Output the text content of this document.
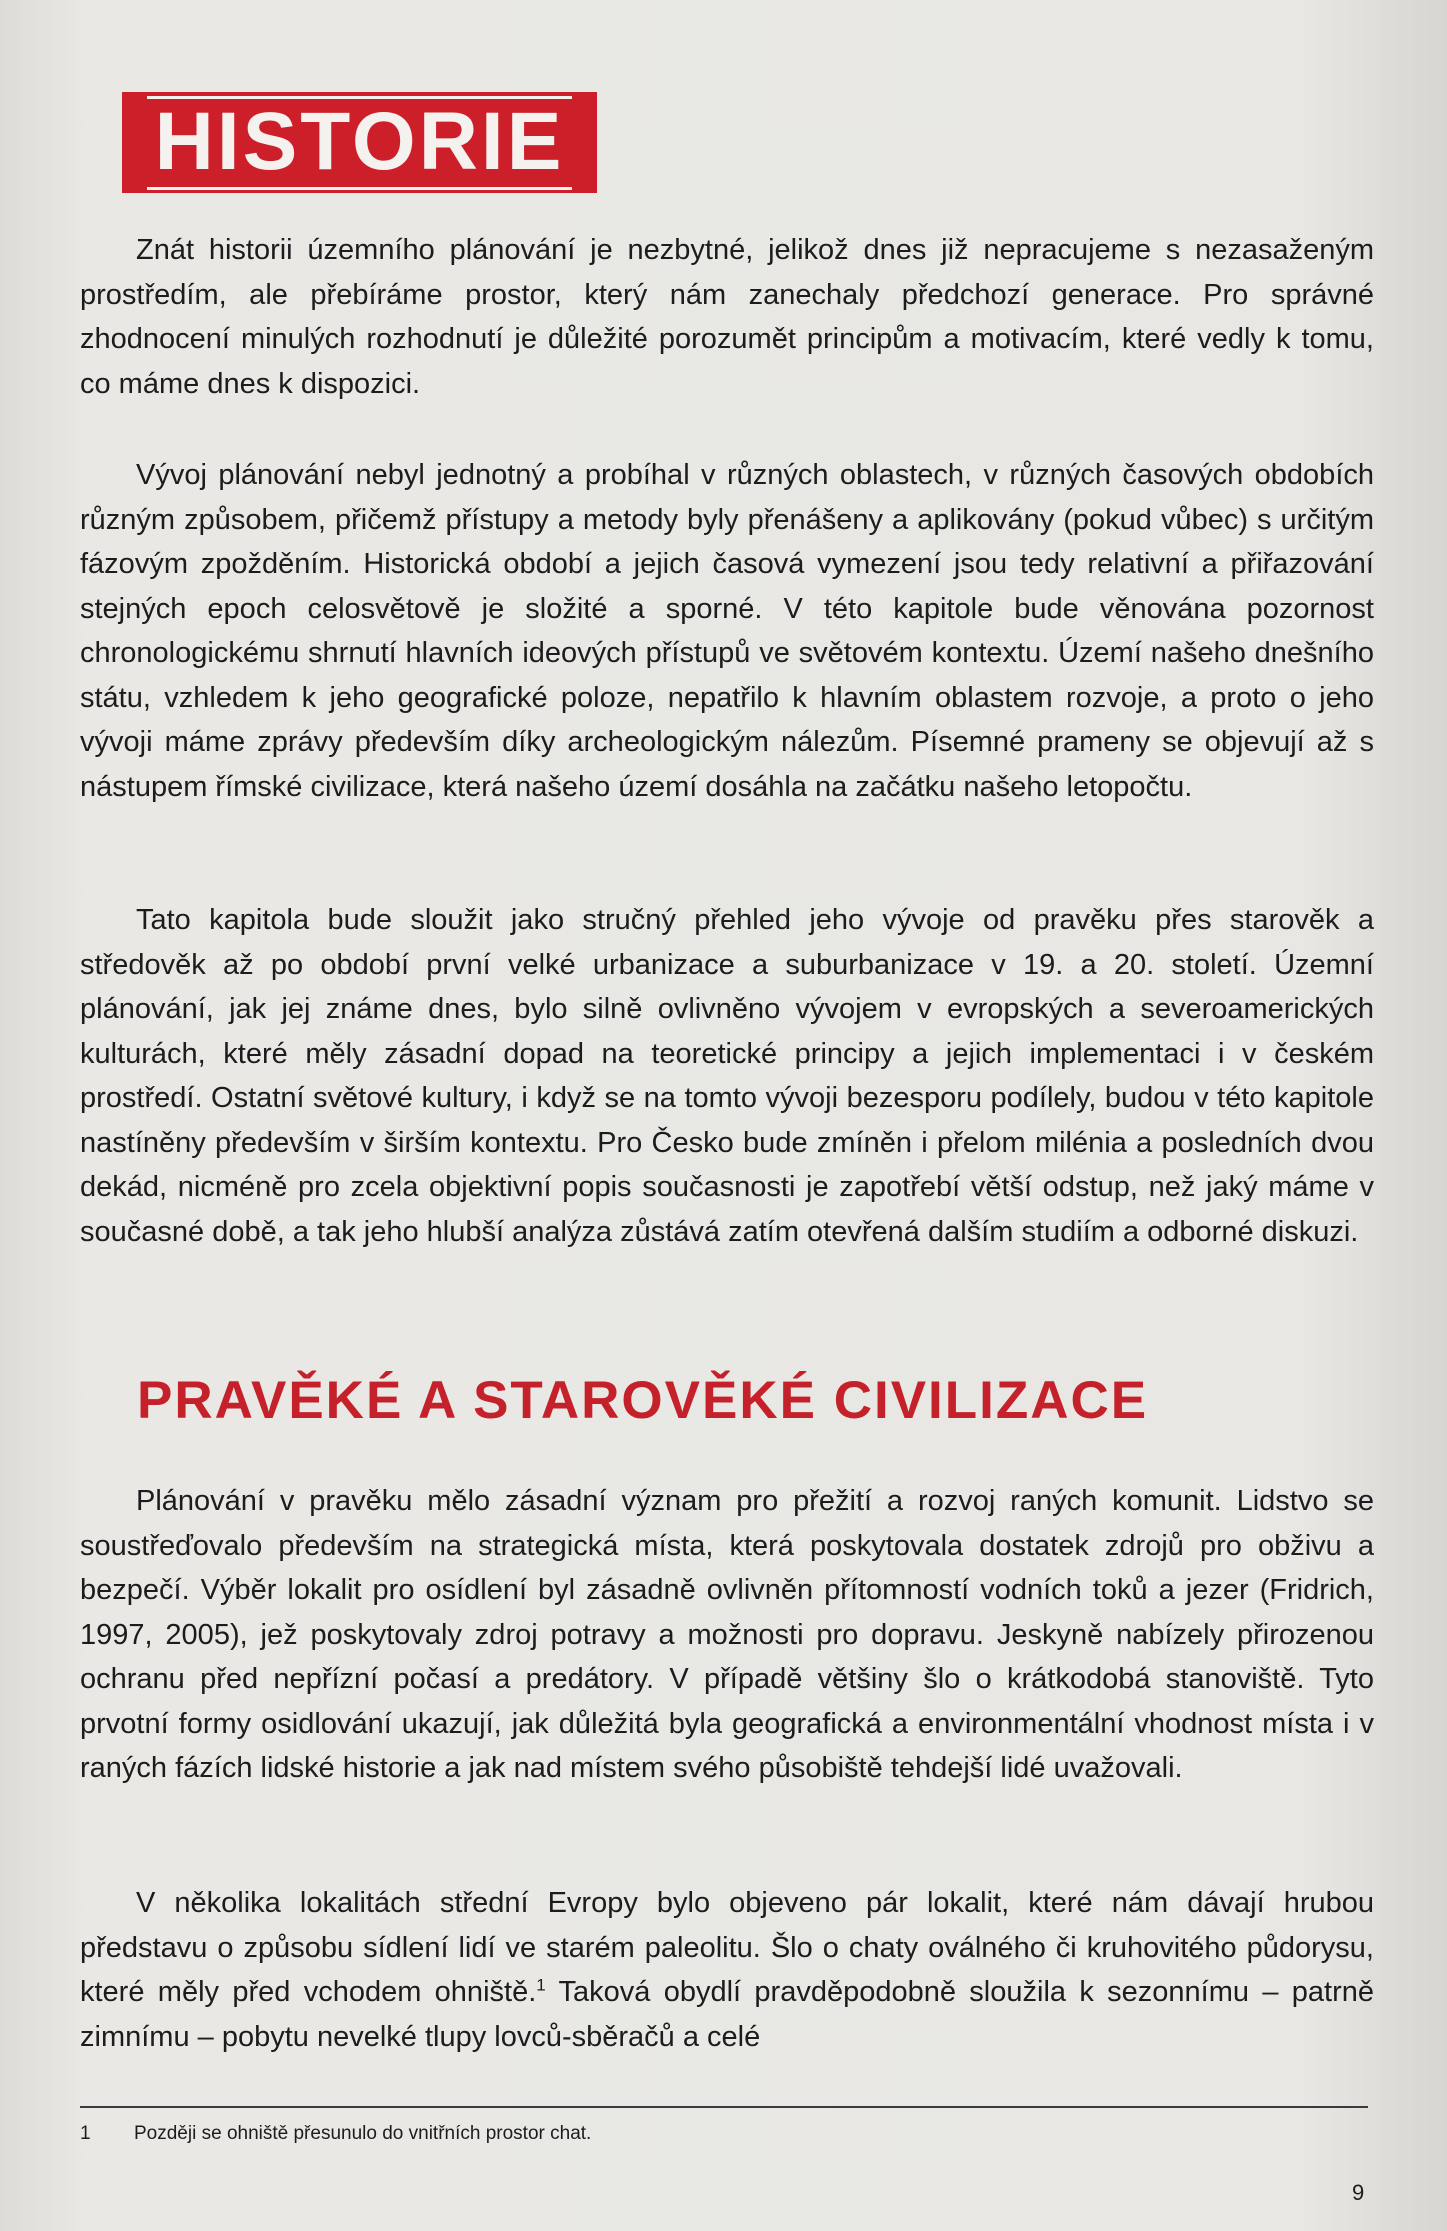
HISTORIE

Znát historii územního plánování je nezbytné, jelikož dnes již nepracujeme s nezasaženým prostředím, ale přebíráme prostor, který nám zanechaly předchozí generace. Pro správné zhodnocení minulých rozhodnutí je důležité porozumět principům a motivacím, které vedly k tomu, co máme dnes k dispozici.

Vývoj plánování nebyl jednotný a probíhal v různých oblastech, v různých časových obdobích různým způsobem, přičemž přístupy a metody byly přenášeny a aplikovány (pokud vůbec) s určitým fázovým zpožděním. Historická období a jejich časová vymezení jsou tedy relativní a přiřazování stejných epoch celosvětově je složité a sporné. V této kapitole bude věnována pozornost chronologickému shrnutí hlavních ideových přístupů ve světovém kontextu. Území našeho dnešního státu, vzhledem k jeho geografické poloze, nepatřilo k hlavním oblastem rozvoje, a proto o jeho vývoji máme zprávy především díky archeologickým nálezům. Písemné prameny se objevují až s nástupem římské civilizace, která našeho území dosáhla na začátku našeho letopočtu.

Tato kapitola bude sloužit jako stručný přehled jeho vývoje od pravěku přes starověk a středověk až po období první velké urbanizace a suburbanizace v 19. a 20. století. Územní plánování, jak jej známe dnes, bylo silně ovlivněno vývojem v evropských a severoamerických kulturách, které měly zásadní dopad na teoretické principy a jejich implementaci i v českém prostředí. Ostatní světové kultury, i když se na tomto vývoji bezesporu podílely, budou v této kapitole nastíněny především v širším kontextu. Pro Česko bude zmíněn i přelom milénia a posledních dvou dekád, nicméně pro zcela objektivní popis současnosti je zapotřebí větší odstup, než jaký máme v současné době, a tak jeho hlubší analýza zůstává zatím otevřená dalším studiím a odborné diskuzi.

PRAVĚKÉ A STAROVĚKÉ CIVILIZACE

Plánování v pravěku mělo zásadní význam pro přežití a rozvoj raných komunit. Lidstvo se soustřeďovalo především na strategická místa, která poskytovala dostatek zdrojů pro obživu a bezpečí. Výběr lokalit pro osídlení byl zásadně ovlivněn přítomností vodních toků a jezer (Fridrich, 1997, 2005), jež poskytovaly zdroj potravy a možnosti pro dopravu. Jeskyně nabízely přirozenou ochranu před nepřízní počasí a predátory. V případě většiny šlo o krátkodobá stanoviště. Tyto prvotní formy osidlování ukazují, jak důležitá byla geografická a environmentální vhodnost místa i v raných fázích lidské historie a jak nad místem svého působiště tehdejší lidé uvažovali.

V několika lokalitách střední Evropy bylo objeveno pár lokalit, které nám dávají hrubou představu o způsobu sídlení lidí ve starém paleolitu. Šlo o chaty oválného či kruhovitého půdorysu, které měly před vchodem ohniště.$^1$ Taková obydlí pravděpodobně sloužila k sezonnímu – patrně zimnímu – pobytu nevelké tlupy lovců-sběračů a celé

1 Později se ohniště přesunulo do vnitřních prostor chat.
9
